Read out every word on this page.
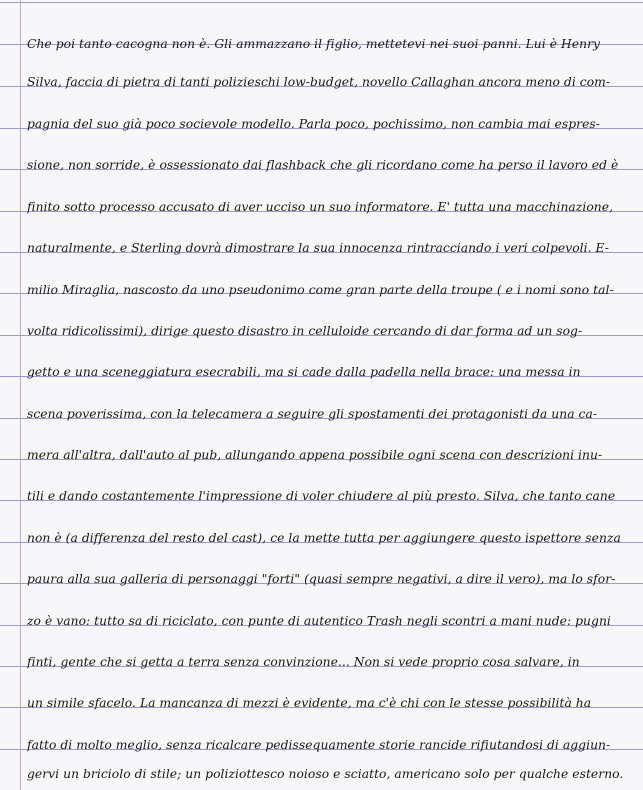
Che poi tanto cacogna non è. Gli ammazzano il figlio, mettetevi nei suoi panni. Lui è Henry
Silva, faccia di pietra di tanti polizieschi low-budget, novello Callaghan ancora meno di com-
pagnia del suo già poco socievole modello. Parla poco, pochissimo, non cambia mai espres-
sione, non sorride, è ossessionato dai flashback che gli ricordano come ha perso il lavoro ed è
finito sotto processo accusato di aver ucciso un suo informatore. E' tutta una macchinazione,
naturalmente, e Sterling dovrà dimostrare la sua innocenza rintracciando i veri colpevoli. E-
milio Miraglia, nascosto da uno pseudonimo come gran parte della troupe ( e i nomi sono tal-
volta ridicolissimi), dirige questo disastro in celluloide cercando di dar forma ad un sog-
getto e una sceneggiatura esecrabili, ma si cade dalla padella nella brace: una messa in
scena poverissima, con la telecamera a seguire gli spostamenti dei protagonisti da una ca-
mera all'altra, dall'auto al pub, allungando appena possibile ogni scena con descrizioni inu-
tili e dando costantemente l'impressione di voler chiudere al più presto. Silva, che tanto cane
non è (a differenza del resto del cast), ce la mette tutta per aggiungere questo ispettore senza
paura alla sua galleria di personaggi "forti" (quasi sempre negativi, a dire il vero), ma lo sfor-
zo è vano: tutto sa di riciclato, con punte di autentico Trash negli scontri a mani nude: pugni
finti, gente che si getta a terra senza convinzione... Non si vede proprio cosa salvare, in
un simile sfacelo. La mancanza di mezzi è evidente, ma c'è chi con le stesse possibilità ha
fatto di molto meglio, senza ricalcare pedissequamente storie rancide rifiutandosi di aggiun-
gervi un briciolo di stile; un poliziottesco noioso e sciatto, americano solo per qualche esterno.
